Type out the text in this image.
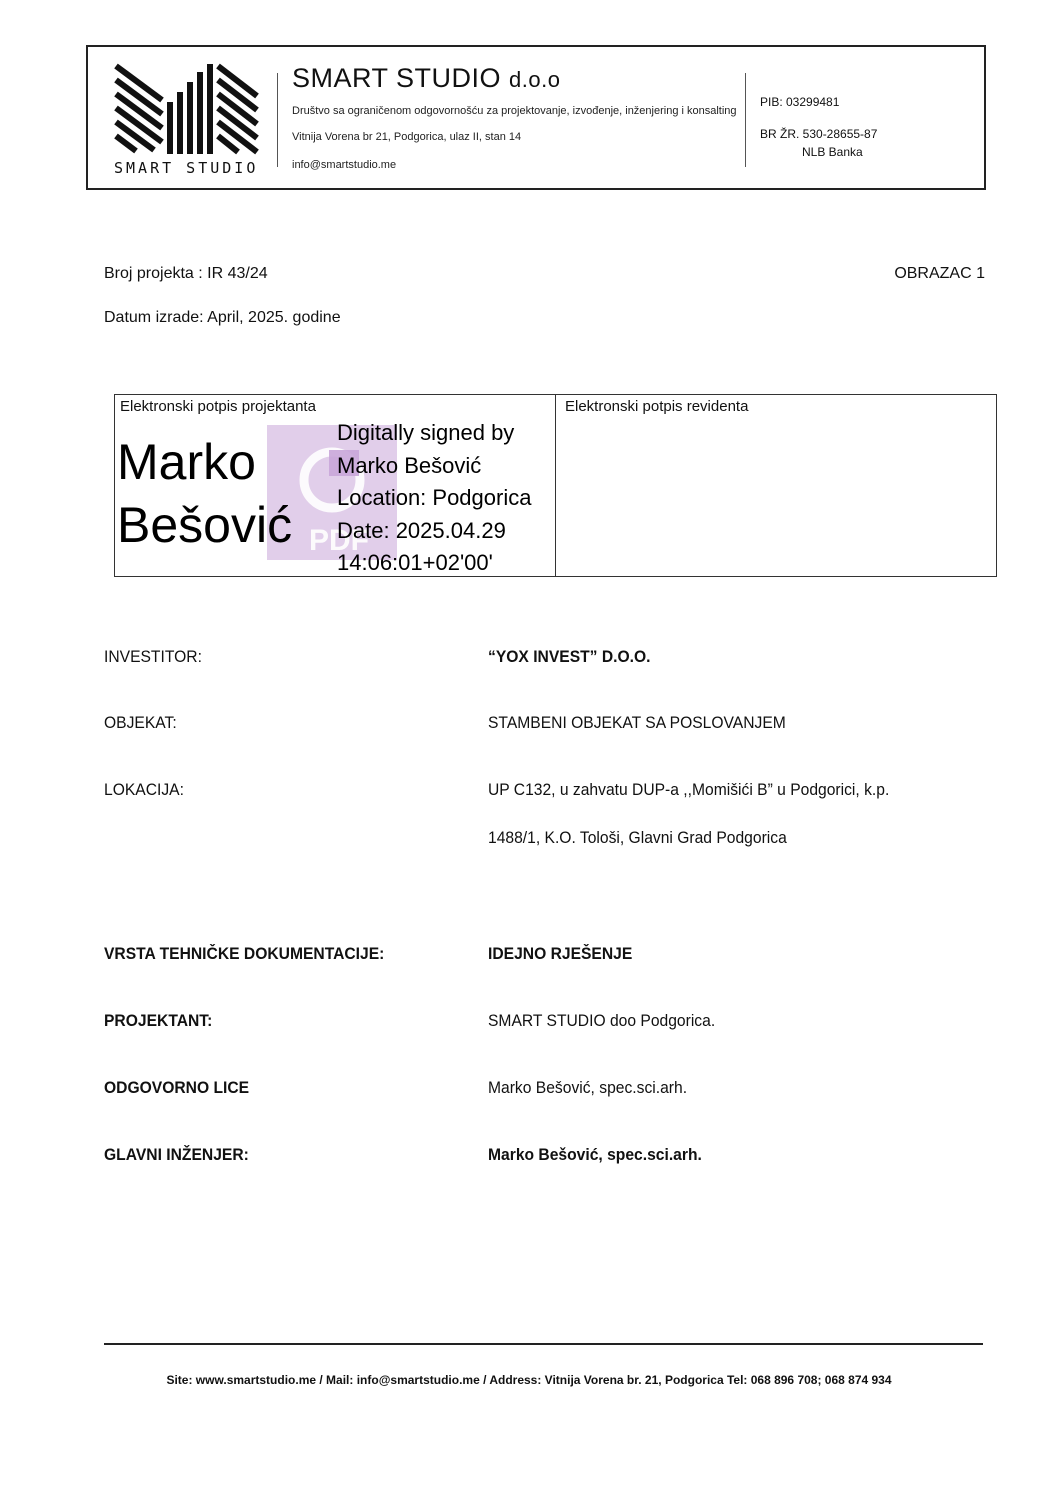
SMART STUDIO
SMART STUDIO d.o.o
Društvo sa ograničenom odgovornošću za projektovanje, izvođenje, inženjering i konsalting
Vitnija Vorena br 21, Podgorica, ulaz II, stan 14
info@smartstudio.me
PIB: 03299481
BR ŽR. 530-28655-87
NLB Banka
Broj projekta : IR 43/24	OBRAZAC 1
Datum izrade: April, 2025. godine
Elektronski potpis projektanta	Elektronski potpis revidenta
PDF
Marko
Bešović
Digitally signed by
Marko Bešović
Location: Podgorica
Date: 2025.04.29
14:06:01+02'00'
INVESTITOR:	“YOX INVEST” D.O.O.
OBJEKAT:	STAMBENI OBJEKAT SA POSLOVANJEM
LOKACIJA:	UP C132, u zahvatu DUP-a ,,Momišići B” u Podgorici, k.p.
1488/1, K.O. Tološi, Glavni Grad Podgorica
VRSTA TEHNIČKE DOKUMENTACIJE:	IDEJNO RJEŠENJE
PROJEKTANT:	SMART STUDIO doo Podgorica.
ODGOVORNO LICE	Marko Bešović, spec.sci.arh.
GLAVNI INŽENJER:	Marko Bešović, spec.sci.arh.
Site: www.smartstudio.me / Mail: info@smartstudio.me / Address: Vitnija Vorena br. 21, Podgorica Tel: 068 896 708; 068 874 934
